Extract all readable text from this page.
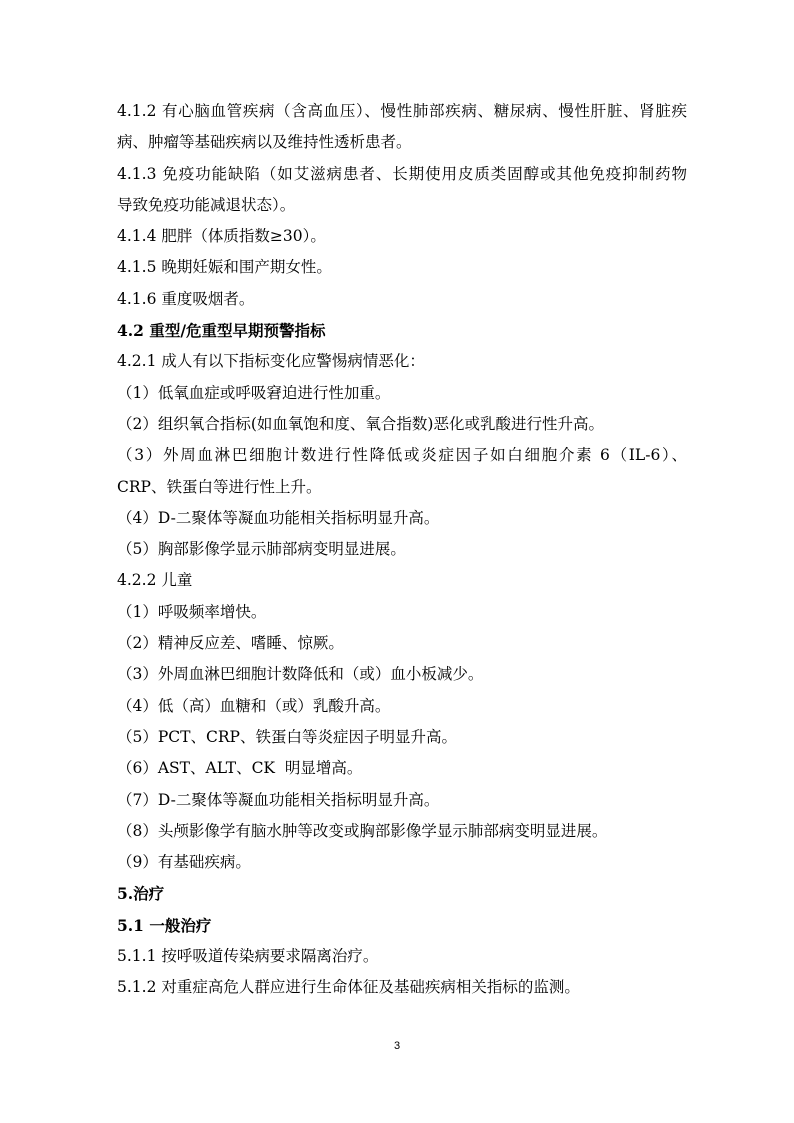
4.1.2 有心脑血管疾病（含高血压）、慢性肺部疾病、糖尿病、慢性肝脏、肾脏疾

病、肿瘤等基础疾病以及维持性透析患者。

4.1.3 免疫功能缺陷（如艾滋病患者、长期使用皮质类固醇或其他免疫抑制药物

导致免疫功能减退状态）。

4.1.4 肥胖（体质指数≥30）。

4.1.5 晚期妊娠和围产期女性。

4.1.6 重度吸烟者。

4.2 重型/危重型早期预警指标

4.2.1 成人有以下指标变化应警惕病情恶化：

（1）低氧血症或呼吸窘迫进行性加重。

（2）组织氧合指标(如血氧饱和度、氧合指数)恶化或乳酸进行性升高。

（3）外周血淋巴细胞计数进行性降低或炎症因子如白细胞介素 6（IL-6）、

CRP、铁蛋白等进行性上升。

（4）D-二聚体等凝血功能相关指标明显升高。

（5）胸部影像学显示肺部病变明显进展。

4.2.2 儿童

（1）呼吸频率增快。

（2）精神反应差、嗜睡、惊厥。

（3）外周血淋巴细胞计数降低和（或）血小板减少。

（4）低（高）血糖和（或）乳酸升高。

（5）PCT、CRP、铁蛋白等炎症因子明显升高。

（6）AST、ALT、CK  明显增高。

（7）D-二聚体等凝血功能相关指标明显升高。

（8）头颅影像学有脑水肿等改变或胸部影像学显示肺部病变明显进展。

（9）有基础疾病。

5.治疗

5.1 一般治疗

5.1.1 按呼吸道传染病要求隔离治疗。

5.1.2 对重症高危人群应进行生命体征及基础疾病相关指标的监测。

3
